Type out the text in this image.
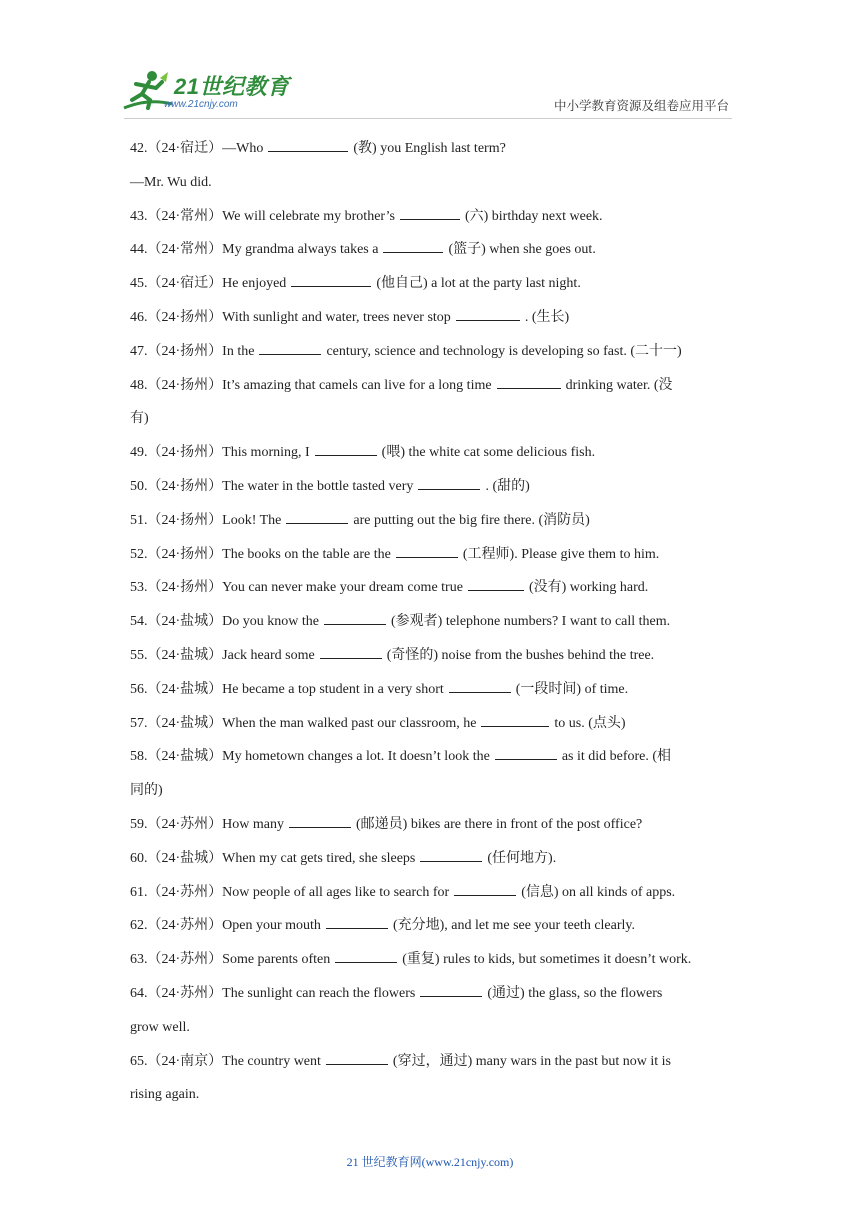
21世纪教育
www.21cnjy.com	中小学教育资源及组卷应用平台
42.（24·宿迁）—Who	(教) you English last term?
—Mr. Wu did.
43.（24·常州）We will celebrate my brother’s	(六) birthday next week.
44.（24·常州）My grandma always takes a	(篮子) when she goes out.
45.（24·宿迁）He enjoyed	(他自己) a lot at the party last night.
46.（24·扬州）With sunlight and water, trees never stop	. (生长)
47.（24·扬州）In the	century, science and technology is developing so fast. (二十一)
48.（24·扬州）It’s amazing that camels can live for a long time	drinking water. (没
有)
49.（24·扬州）This morning, I	(喂) the white cat some delicious fish.
50.（24·扬州）The water in the bottle tasted very	. (甜的)
51.（24·扬州）Look! The	are putting out the big fire there. (消防员)
52.（24·扬州）The books on the table are the	(工程师). Please give them to him.
53.（24·扬州）You can never make your dream come true	(没有) working hard.
54.（24·盐城）Do you know the	(参观者) telephone numbers? I want to call them.
55.（24·盐城）Jack heard some	(奇怪的) noise from the bushes behind the tree.
56.（24·盐城）He became a top student in a very short	(一段时间) of time.
57.（24·盐城）When the man walked past our classroom, he	to us. (点头)
58.（24·盐城）My hometown changes a lot. It doesn’t look the	as it did before. (相
同的)
59.（24·苏州）How many	(邮递员) bikes are there in front of the post office?
60.（24·盐城）When my cat gets tired, she sleeps	(任何地方).
61.（24·苏州）Now people of all ages like to search for	(信息) on all kinds of apps.
62.（24·苏州）Open your mouth	(充分地), and let me see your teeth clearly.
63.（24·苏州）Some parents often	(重复) rules to kids, but sometimes it doesn’t work.
64.（24·苏州）The sunlight can reach the flowers	(通过) the glass, so the flowers
grow well.
65.（24·南京）The country went	(穿过，通过) many wars in the past but now it is
rising again.
21 世纪教育网(www.21cnjy.com)
